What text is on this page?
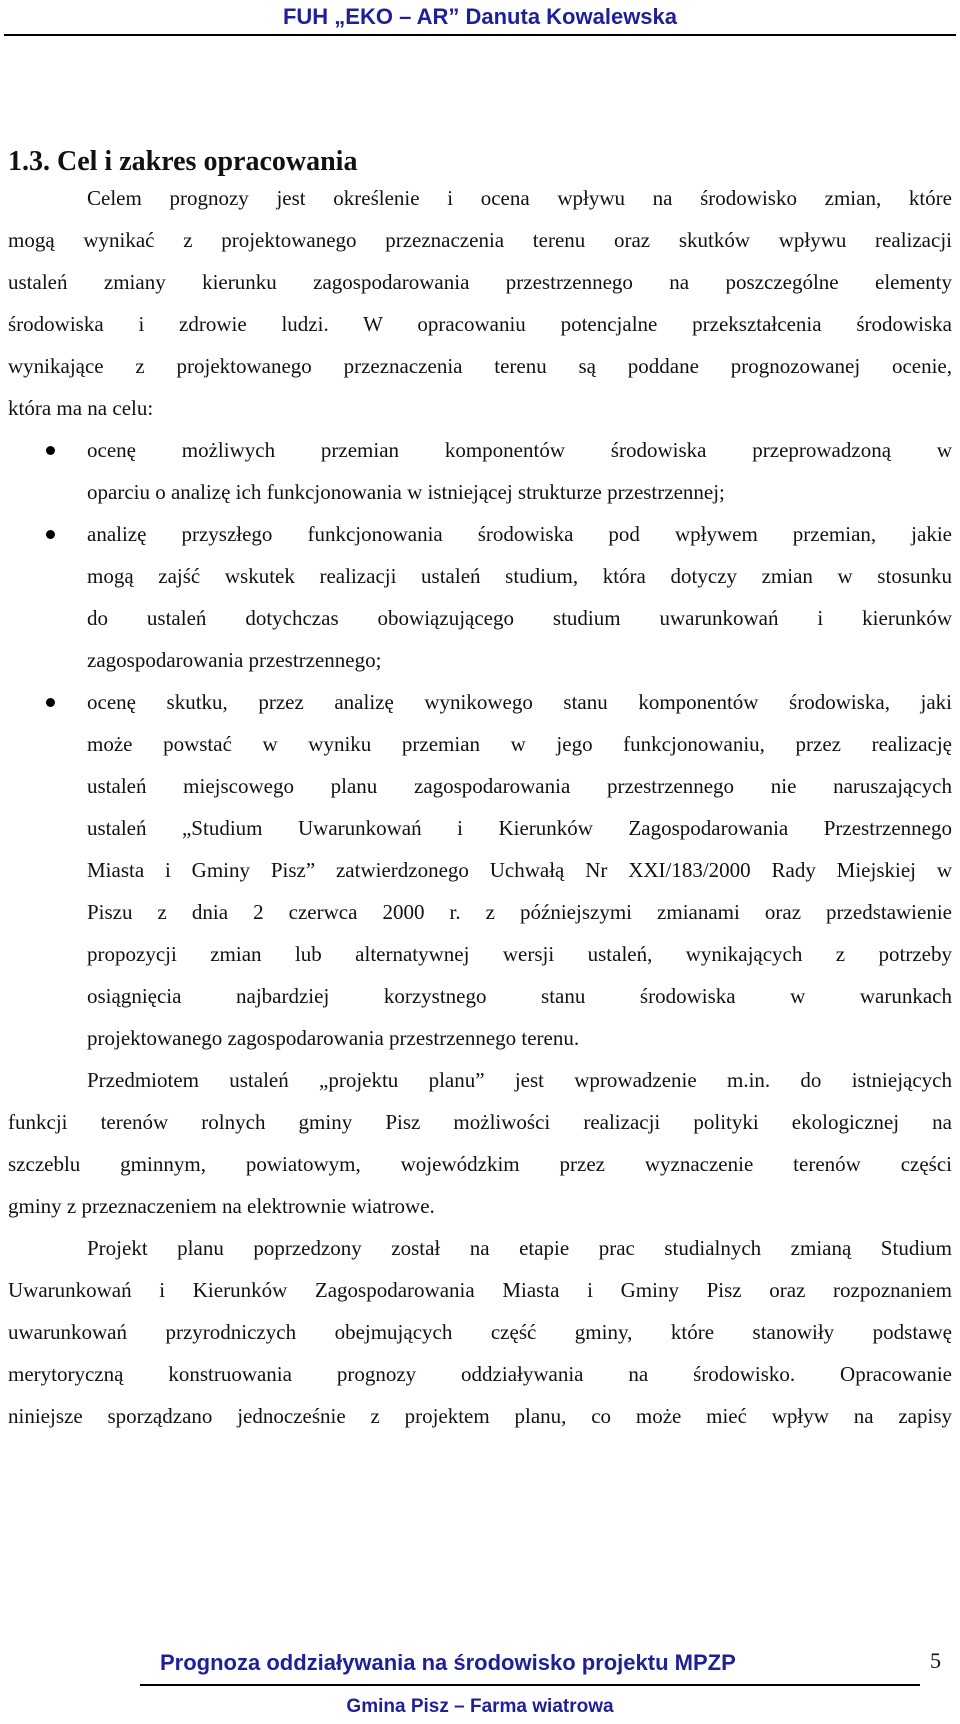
FUH „EKO – AR” Danuta Kowalewska
1.3. Cel i zakres opracowania
Celem prognozy jest określenie i ocena wpływu na środowisko zmian, które
mogą wynikać z projektowanego przeznaczenia terenu oraz skutków wpływu realizacji
ustaleń zmiany kierunku zagospodarowania przestrzennego na poszczególne elementy
środowiska i zdrowie ludzi. W opracowaniu potencjalne przekształcenia środowiska
wynikające z projektowanego przeznaczenia terenu są poddane prognozowanej ocenie,
która ma na celu:
ocenę możliwych przemian komponentów środowiska przeprowadzoną w
oparciu o analizę ich funkcjonowania w istniejącej strukturze przestrzennej;
analizę przyszłego funkcjonowania środowiska pod wpływem przemian, jakie
mogą zajść wskutek realizacji ustaleń studium, która dotyczy zmian w stosunku
do ustaleń dotychczas obowiązującego studium uwarunkowań i kierunków
zagospodarowania przestrzennego;
ocenę skutku, przez analizę wynikowego stanu komponentów środowiska, jaki
może powstać w wyniku przemian w jego funkcjonowaniu, przez realizację
ustaleń miejscowego planu zagospodarowania przestrzennego nie naruszających
ustaleń „Studium Uwarunkowań i Kierunków Zagospodarowania Przestrzennego
Miasta i Gminy Pisz” zatwierdzonego Uchwałą Nr XXI/183/2000 Rady Miejskiej w
Piszu z dnia 2 czerwca 2000 r. z późniejszymi zmianami oraz przedstawienie
propozycji zmian lub alternatywnej wersji ustaleń, wynikających z potrzeby
osiągnięcia najbardziej korzystnego stanu środowiska w warunkach
projektowanego zagospodarowania przestrzennego terenu.
Przedmiotem ustaleń „projektu planu” jest wprowadzenie m.in. do istniejących
funkcji terenów rolnych gminy Pisz możliwości realizacji polityki ekologicznej na
szczeblu gminnym, powiatowym, wojewódzkim przez wyznaczenie terenów części
gminy z przeznaczeniem na elektrownie wiatrowe.
Projekt planu poprzedzony został na etapie prac studialnych zmianą Studium
Uwarunkowań i Kierunków Zagospodarowania Miasta i Gminy Pisz oraz rozpoznaniem
uwarunkowań przyrodniczych obejmujących część gminy, które stanowiły podstawę
merytoryczną konstruowania prognozy oddziaływania na środowisko. Opracowanie
niniejsze sporządzano jednocześnie z projektem planu, co może mieć wpływ na zapisy
Prognoza oddziaływania na środowisko projektu MPZP	5
Gmina Pisz – Farma wiatrowa
